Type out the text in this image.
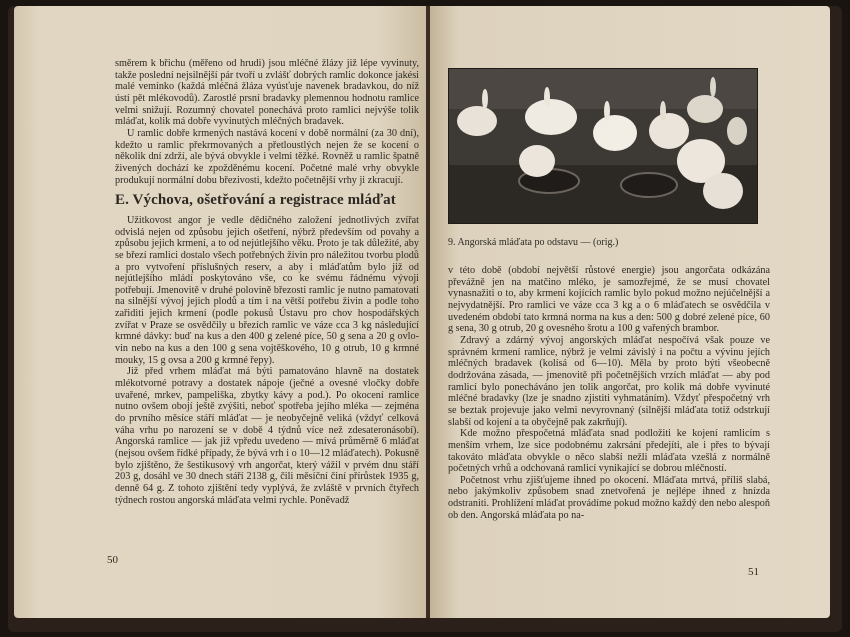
směrem k břichu (měřeno od hrudi) jsou mléčné žlázy již lépe vyvinuty, takže poslední nejsilnější pár tvoří u zvlášť dobrých ramlic dokonce jakési malé vemínko (každá mléčná žláza vyúsťuje navenek bradavkou, do níž ústí pět mlékovodů). Zarostlé prsní bradavky plemennou hodnotu ramlice velmi snižují. Rozumný chovatel ponechává proto ramlici nejvýše tolik mláďat, kolik má dobře vyvinutých mléčných bradavek.

U ramlic dobře krmených nastává kocení v době normální (za 30 dní), kdežto u ramlic překrmovaných a přetloustlých nejen že se kocení o několik dní zdrží, ale bývá obvykle i velmi těžké. Rovněž u ramlic špatně živených dochází ke zpožděnému kocení. Početné malé vrhy obvykle produkují normální dobu březivosti, kdežto početnější vrhy ji zkracují.

E. Výchova, ošetřování a registrace mláďat

Užitkovost angor je vedle dědičného založení jednotlivých zvířat odvislá nejen od způsobu jejich ošetření, nýbrž především od povahy a způsobu jejich krmení, a to od nejútlejšího věku. Proto je tak důležité, aby se březí ramlici dostalo všech potřebných živin pro náležitou tvorbu plodů a pro vytvoření příslušných reserv, a aby i mláďatům bylo již od nejútlejšího mládí poskytováno vše, co ke svému řádnému vývoji potřebují. Jmenovitě v druhé polovině březosti ramlic je nutno pamatovati na silnější vývoj jejich plodů a tím i na větší potřebu živin a podle toho zařiditi jejich krmení (podle pokusů Ústavu pro chov hospodářských zvířat v Praze se osvědčily u březích ramlic ve váze cca 3 kg následující krmné dávky: buď na kus a den 400 g zelené píce, 50 g sena a 20 g ovlo-vin nebo na kus a den 100 g sena vojtěškového, 10 g otrub, 10 g krmné mouky, 15 g ovsa a 200 g krmné řepy).

Již před vrhem mláďat má býti pamatováno hlavně na dostatek mlékotvorné potravy a dostatek nápoje (ječné a ovesné vločky dobře uvařené, mrkev, pampeliška, zbytky kávy a pod.). Po okocení ramlice nutno ovšem obojí ještě zvýšiti, neboť spotřeba jejího mléka — zejména do prvního měsíce stáří mláďat — je neobyčejně veliká (vždyť celková váha vrhu po narození se v době 4 týdnů více než zdesateronásobí). Angorská ramlice — jak již vpředu uvedeno — mívá průměrně 6 mláďat (nejsou ovšem řídké případy, že bývá vrh i o 10—12 mláďatech). Pokusně bylo zjištěno, že šestikusový vrh angorčat, který vážil v prvém dnu stáří 203 g, dosáhl ve 30 dnech stáří 2138 g, čili měsíční činí přírůstek 1935 g, denně 64 g. Z tohoto zjištění tedy vyplývá, že zvláště v prvních čtyřech týdnech rostou angorská mláďata velmi rychle. Poněvadž

50
9. Angorská mláďata po odstavu — (orig.)

v této době (období největší růstové energie) jsou angorčata odkázána převážně jen na matčino mléko, je samozřejmé, že se musí chovatel vynasnažiti o to, aby krmení kojících ramlic bylo pokud možno nejúčelnější a nejvydatnější. Pro ramlici ve váze cca 3 kg a o 6 mláďatech se osvědčila v uvedeném období tato krmná norma na kus a den: 500 g dobré zelené píce, 60 g sena, 30 g otrub, 20 g ovesného šrotu a 100 g vařených brambor.

Zdravý a zdárný vývoj angorských mláďat nespočívá však pouze ve správném krmení ramlice, nýbrž je velmi závislý i na počtu a vývinu jejích mléčných bradavek (kolísá od 6—10). Měla by proto býti všeobecně dodržována zásada, — jmenovitě při početnějších vrzích mláďat — aby pod ramlicí bylo ponecháváno jen tolik angorčat, pro kolik má dobře vyvinuté mléčné bradavky (lze je snadno zjistiti vyhmatáním). Vždyť přespočetný vrh se beztak projevuje jako velmi nevyrovnaný (silnější mláďata totiž odstrkují slabší od kojení a ta obyčejně pak zakrňují).

Kde možno přespočetná mláďata snad podložiti ke kojení ramlicím s menším vrhem, lze sice podobnému zakrsání předejíti, ale i přes to bývají takováto mláďata obvykle o něco slabší nežli mláďata vzešlá z normálně početných vrhů a odchovaná ramlicí vynikající se dobrou mléčností.

Početnost vrhu zjišťujeme ihned po okocení. Mláďata mrtvá, příliš slabá, nebo jakýmkoliv způsobem snad znetvořená je nejlépe ihned z hnízda odstraniti. Prohlížení mláďat provádíme pokud možno každý den nebo alespoň ob den. Angorská mláďata po na-

51
